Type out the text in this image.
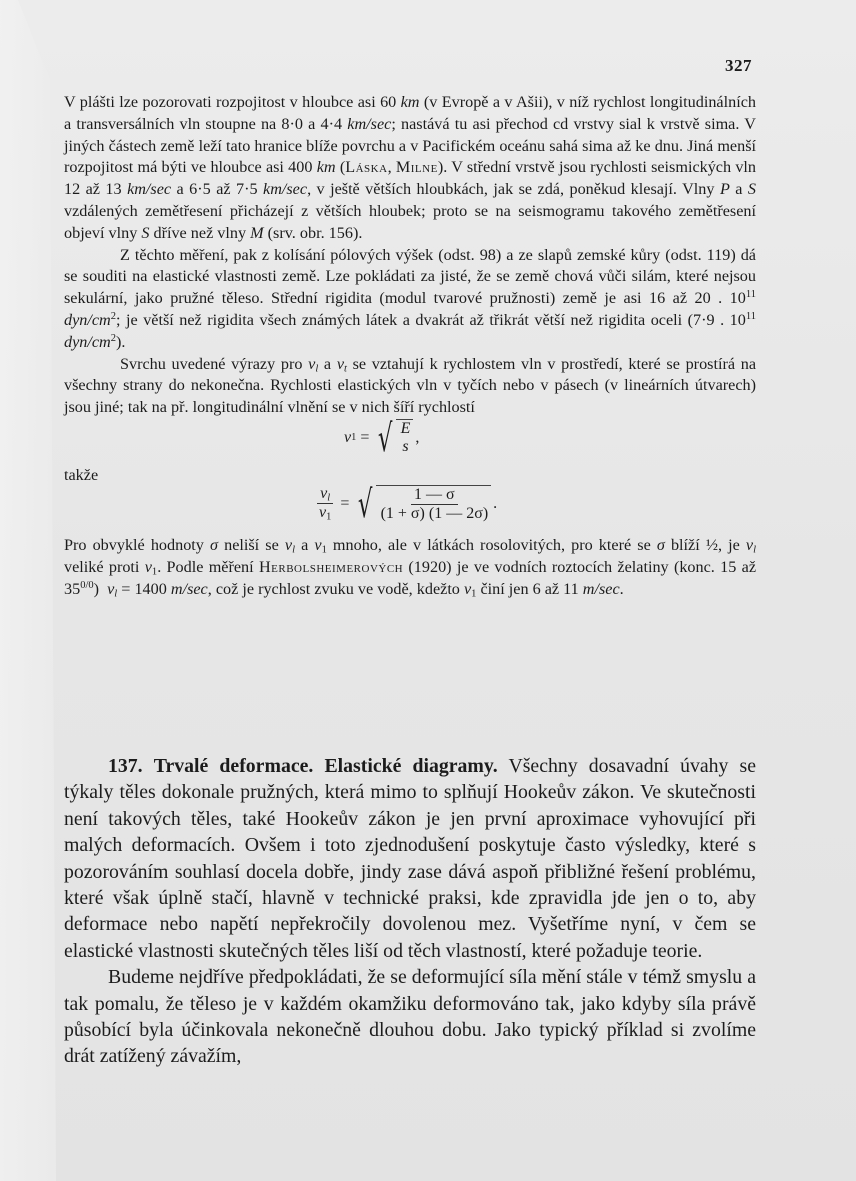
327

V plášti lze pozorovati rozpojitost v hloubce asi 60 km (v Evropě a v Ašii), v níž rychlost longitudinálních a transversálních vln stoupne na 8·0 a 4·4 km/sec; nastává tu asi přechod cd vrstvy sial k vrstvě sima. V jiných částech země leží tato hranice blíže povrchu a v Pacifickém oceánu sahá sima až ke dnu. Jiná menší rozpojitost má býti ve hloubce asi 400 km (Láska, Milne). V střední vrstvě jsou rychlosti seismických vln 12 až 13 km/sec a 6·5 až 7·5 km/sec, v ještě větších hloubkách, jak se zdá, poněkud klesají. Vlny P a S vzdálených zemětřesení přicházejí z větších hloubek; proto se na seismogramu takového zemětřesení objeví vlny S dříve než vlny M (srv. obr. 156).

Z těchto měření, pak z kolísání pólových výšek (odst. 98) a ze slapů zemské kůry (odst. 119) dá se souditi na elastické vlastnosti země. Lze pokládati za jisté, že se země chová vůči silám, které nejsou sekulární, jako pružné těleso. Střední rigidita (modul tvarové pružnosti) země je asi 16 až 20 . $10^{11}$ dyn/$cm^2$; je větší než rigidita všech známých látek a dvakrát až třikrát větší než rigidita oceli (7·9 . $10^{11}$ dyn/$cm^2$).

Svrchu uvedené výrazy pro $v_l$ a $v_t$ se vztahují k rychlostem vln v prostředí, které se prostírá na všechny strany do nekonečna. Rychlosti elastických vln v tyčích nebo v pásech (v lineárních útvarech) jsou jiné; tak na př. longitudinální vlnění se v nich šíří rychlostí

v 1 = √ E
s
,
takže
$\frac{v_l}{v_1}$ = √ $\frac{1 — \sigma}{(1 + \sigma) (1 — 2\sigma)}$ .

Pro obvyklé hodnoty σ neliší se $v_l$ a $v_1$ mnoho, ale v látkách rosolovitých, pro které se σ blíží ½, je $v_l$ veliké proti $v_1$. Podle měření Herbolsheimerových (1920) je ve vodních roztocích želatiny (konc. 15 až $35^{0/0}$)  $v_l = 1400$ m/sec, což je rychlost zvuku ve vodě, kdežto $v_1$ činí jen 6 až 11 m/sec.

137. Trvalé deformace. Elastické diagramy. Všechny dosavadní úvahy se týkaly těles dokonale pružných, která mimo to splňují Hookeův zákon. Ve skutečnosti není takových těles, také Hookeův zákon je jen první aproximace vyhovující při malých deformacích. Ovšem i toto zjednodušení poskytuje často výsledky, které s pozorováním souhlasí docela dobře, jindy zase dává aspoň přibližné řešení problému, které však úplně stačí, hlavně v technické praksi, kde zpravidla jde jen o to, aby deformace nebo napětí nepřekročily dovolenou mez. Vyšetříme nyní, v čem se elastické vlastnosti skutečných těles liší od těch vlastností, které požaduje teorie.

Budeme nejdříve předpokládati, že se deformující síla mění stále v témž smyslu a tak pomalu, že těleso je v každém okamžiku deformováno tak, jako kdyby síla právě působící byla účinkovala nekonečně dlouhou dobu. Jako typický příklad si zvolíme drát zatížený závažím,
